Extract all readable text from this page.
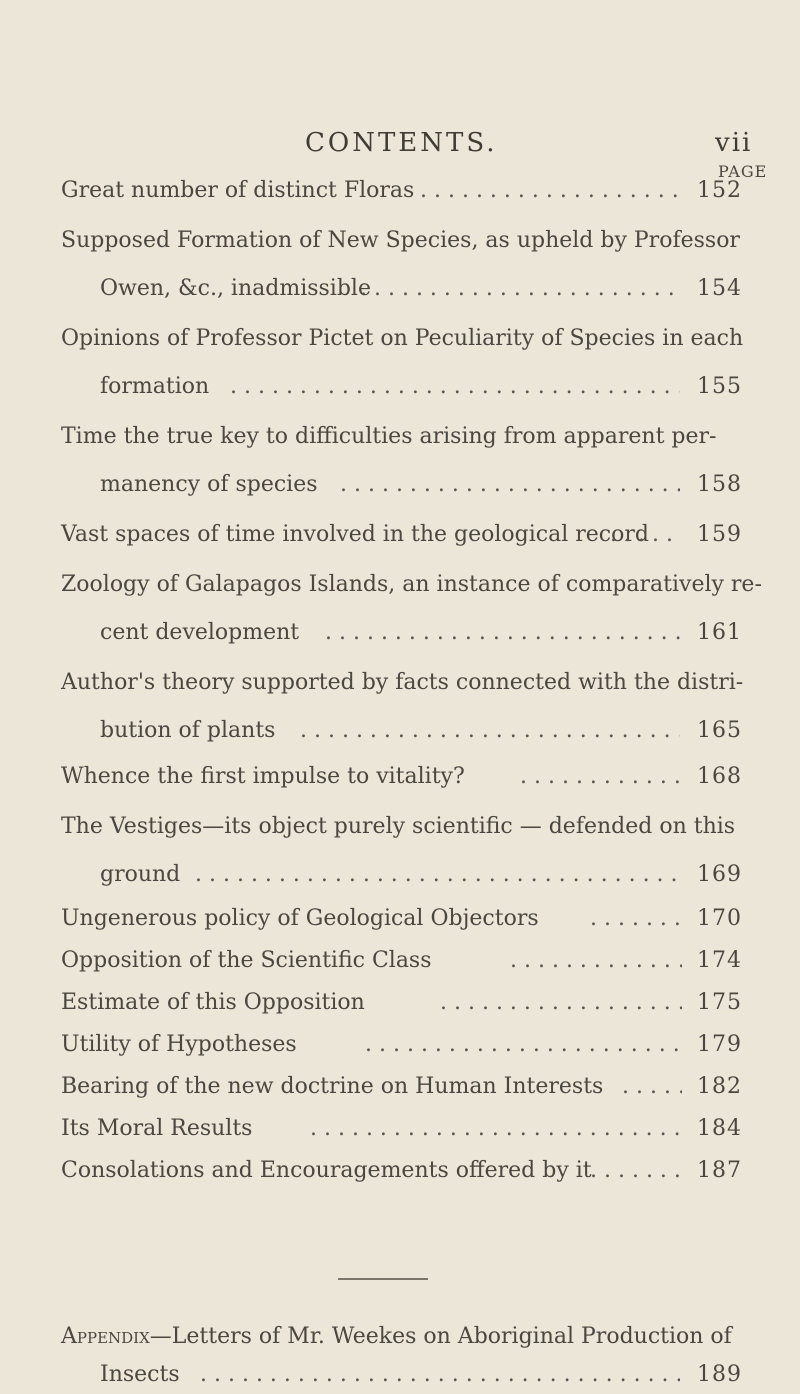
CONTENTS.	vii
PAGE
Great number of distinct Floras . . .	152
Supposed Formation of New Species, as upheld by Professor
Owen, &c., inadmissible . . .	154
Opinions of Professor Pictet on Peculiarity of Species in each
formation . . .	155
Time the true key to difficulties arising from apparent per-
manency of species . . .	158
Vast spaces of time involved in the geological record . . . 159
Zoology of Galapagos Islands, an instance of comparatively re-
cent development . . .	161
Author's theory supported by facts connected with the distri-
bution of plants . . .	165
Whence the first impulse to vitality? . . .	168
The Vestiges—its object purely scientific — defended on this
ground . . .	169
Ungenerous policy of Geological Objectors . . .	170
Opposition of the Scientific Class . . .	174
Estimate of this Opposition . . .	175
Utility of Hypotheses . . .	179
Bearing of the new doctrine on Human Interests . . .	182
Its Moral Results . . .	184
Consolations and Encouragements offered by it . . .	187
Appendix—Letters of Mr. Weekes on Aboriginal Production of
Insects . . .	189
